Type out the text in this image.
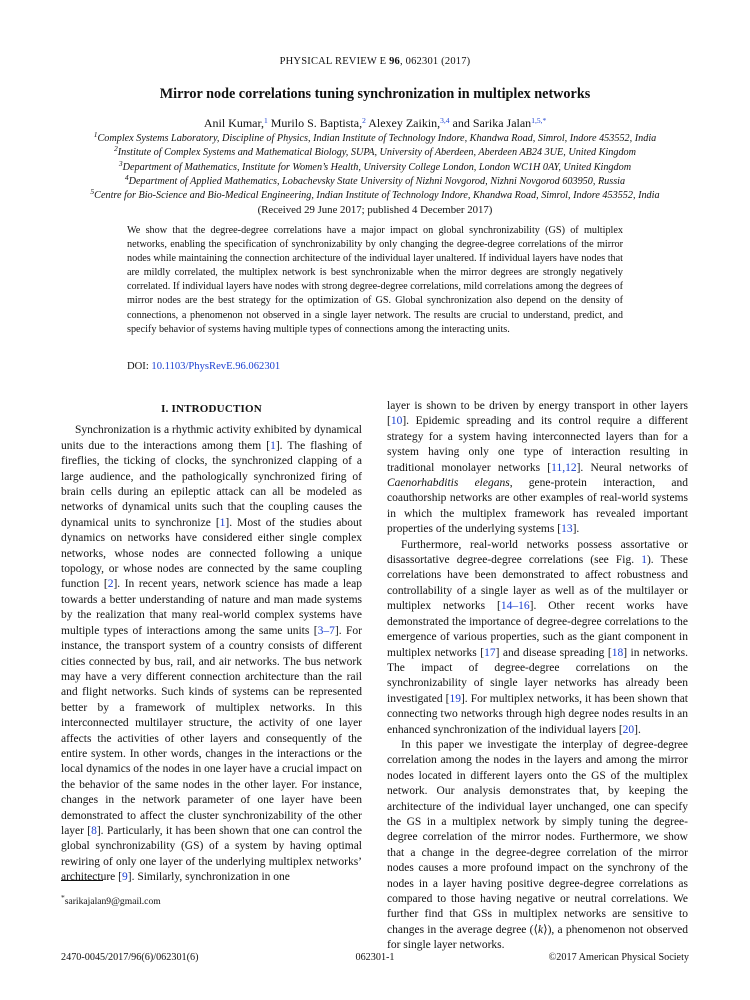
PHYSICAL REVIEW E 96, 062301 (2017)
Mirror node correlations tuning synchronization in multiplex networks
Anil Kumar,$^1$ Murilo S. Baptista,$^2$ Alexey Zaikin,$^{3,4}$ and Sarika Jalan$^{1,5,*}$
$^1$Complex Systems Laboratory, Discipline of Physics, Indian Institute of Technology Indore, Khandwa Road, Simrol, Indore 453552, India
$^2$Institute of Complex Systems and Mathematical Biology, SUPA, University of Aberdeen, Aberdeen AB24 3UE, United Kingdom
$^3$Department of Mathematics, Institute for Women’s Health, University College London, London WC1H 0AY, United Kingdom
$^4$Department of Applied Mathematics, Lobachevsky State University of Nizhni Novgorod, Nizhni Novgorod 603950, Russia
$^5$Centre for Bio-Science and Bio-Medical Engineering, Indian Institute of Technology Indore, Khandwa Road, Simrol, Indore 453552, India
(Received 29 June 2017; published 4 December 2017)
We show that the degree-degree correlations have a major impact on global synchronizability (GS) of multiplex networks, enabling the specification of synchronizability by only changing the degree-degree correlations of the mirror nodes while maintaining the connection architecture of the individual layer unaltered. If individual layers have nodes that are mildly correlated, the multiplex network is best synchronizable when the mirror degrees are strongly negatively correlated. If individual layers have nodes with strong degree-degree correlations, mild correlations among the degrees of mirror nodes are the best strategy for the optimization of GS. Global synchronization also depend on the density of connections, a phenomenon not observed in a single layer network. The results are crucial to understand, predict, and specify behavior of systems having multiple types of connections among the interacting units.
DOI: 10.1103/PhysRevE.96.062301
I. INTRODUCTION

Synchronization is a rhythmic activity exhibited by dynamical units due to the interactions among them [1]. The flashing of fireflies, the ticking of clocks, the synchronized clapping of a large audience, and the pathologically synchronized firing of brain cells during an epileptic attack can all be modeled as networks of dynamical units such that the coupling causes the dynamical units to synchronize [1]. Most of the studies about dynamics on networks have considered either single complex networks, whose nodes are connected following a unique topology, or whose nodes are connected by the same coupling function [2]. In recent years, network science has made a leap towards a better understanding of nature and man made systems by the realization that many real-world complex systems have multiple types of interactions among the same units [3–7]. For instance, the transport system of a country consists of different cities connected by bus, rail, and air networks. The bus network may have a very different connection architecture than the rail and flight networks. Such kinds of systems can be represented better by a framework of multiplex networks. In this interconnected multilayer structure, the activity of one layer affects the activities of other layers and consequently of the entire system. In other words, changes in the interactions or the local dynamics of the nodes in one layer have a crucial impact on the behavior of the same nodes in the other layer. For instance, changes in the network parameter of one layer have been demonstrated to affect the cluster synchronizability of the other layer [8]. Particularly, it has been shown that one can control the global synchronizability (GS) of a system by having optimal rewiring of only one layer of the underlying multiplex networks’ architecture [9]. Similarly, synchronization in one

layer is shown to be driven by energy transport in other layers [10]. Epidemic spreading and its control require a different strategy for a system having interconnected layers than for a system having only one type of interaction resulting in traditional monolayer networks [11,12]. Neural networks of Caenorhabditis elegans, gene-protein interaction, and coauthorship networks are other examples of real-world systems in which the multiplex framework has revealed important properties of the underlying systems [13].

Furthermore, real-world networks possess assortative or disassortative degree-degree correlations (see Fig. 1). These correlations have been demonstrated to affect robustness and controllability of a single layer as well as of the multilayer or multiplex networks [14–16]. Other recent works have demonstrated the importance of degree-degree correlations to the emergence of various properties, such as the giant component in multiplex networks [17] and disease spreading [18] in networks. The impact of degree-degree correlations on the synchronizability of single layer networks has already been investigated [19]. For multiplex networks, it has been shown that connecting two networks through high degree nodes results in an enhanced synchronization of the individual layers [20].

In this paper we investigate the interplay of degree-degree correlation among the nodes in the layers and among the mirror nodes located in different layers onto the GS of the multiplex network. Our analysis demonstrates that, by keeping the architecture of the individual layer unchanged, one can specify the GS in a multiplex network by simply tuning the degree-degree correlation of the mirror nodes. Furthermore, we show that a change in the degree-degree correlation of the mirror nodes causes a more profound impact on the synchrony of the nodes in a layer having positive degree-degree correlations as compared to those having negative or neutral correlations. We further find that GSs in multiplex networks are sensitive to changes in the average degree (⟨k⟩), a phenomenon not observed for single layer networks.

*sarikajalan9@gmail.com
2470-0045/2017/96(6)/062301(6)	062301-1	©2017 American Physical Society
